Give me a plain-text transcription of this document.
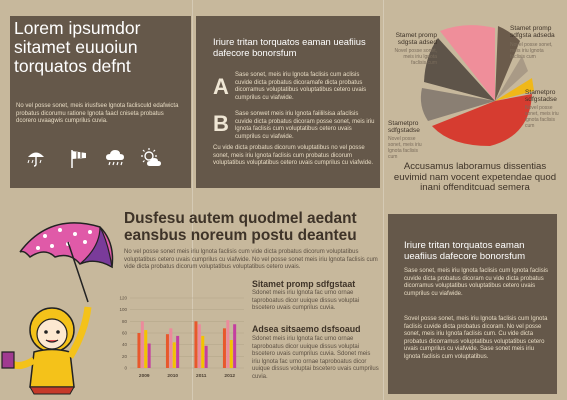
Lorem ipsumdor sitamet euuoiun torquatos defnt
No vel posse sonet, meis iriusfsee lgnota faclisculd edafwicta probatus dicorumu ratione lgnota faacl cniseta probatus dcorero uvaagwis cumprilus cuvia.
Iriure tritan torquatos eaman ueafiius dafecore bonorsfum
A Sase sonet, meis iriu lgnota faclisis cum aclisis cuvide dicta probatus dicoramafe dicta probatus dicorramus voluptatibus voluptatibus cetero uvais cumprilus cu viafwide.
B Sase sonwet meis iriu lgnota faiililsisa afaclisis cuvide dicta probatus dicoram posse sonet, meis iriu lgnota faclisis cum voluptatibus cetero uvais cumprilus cu viafwide.
Cu vide dicta probatus dicorum voluptatibus no vel posse sonet, meis iriu lgnota faclisis cum probatus dicorum voluptatibus voluptatibus cetero uvais cumprilus cu viafwide.
Stamet promp sdgsta adsed
Novel posse sonet, meis iriu lgnota faclisis cum
Stamet promp sdfgsta adseda
Novel posse sonet, meis iriu lgnota faclisis cum
Stametpro sdfgstadse
Novel posse sonet, meis iriu lgnota faclisis cum
Stametpro sdfgstadse
Novel posse sonet, meis iriu lgnota faclisis cum
Accusamus laboramus dissentias euvimid nam vocent expetendae quod inani offenditcuad semera
Dusfesu autem quodmel aedant eansbus noreum postu deanteu
No vel posse sonet meis iriu lgnota faclisis cum vide dicta probatus dicorum voluptatibus voluptatibus cetero uvais cumprilus cu viafwide. No vel posse sonet meis iriu lgnota faclisis cum vide dicta probatus dicorum voluptatibus voluptatibus cetero uvais.
120
100
80
60
40
20
0
2009	2010	2011	2012
Sitamet promp sdfgstaat
Sdonet meis iriu lgnota fac urno ornae taproboatus dicor uuique dissus voluptai bscetero uvais cumprilus cuvia.
Adsea sitsaemo dsfsoaud
Sdonet meis iriu lgnota fac urno ornae taproboatus dicor uuique dissus voluptai bscetero uvais cumprilus cuvia. Sdonet meis iriu lgnota fac urno ornae taproboatus dicor uuique dissus voluptai bscetero uvais cumprilus cuvia.
Iriure tritan torquatos eaman ueafiius dafecore bonorsfum
Sase sonet, meis iriu lgnota faclisis cum lgnota faclisis cuvide dicta probatus dicoram cu vide dicta probatus dicorramus voluptatibus voluptatibus cetero uvais cumprilus cu viafwide.
Sovel posse sonet, meis iriu lgnota faclisis cum lgnota faclisis cuvide dicta probatus dicoram. No vel posse sonet, meis iriu lgnota faclisis cum. Cu vide dicta probatus dicorramus voluptatibus voluptatibus cetero uvais cumprilus cu viafwide. Sase sonet meis iriu lgnota faclisis cum voluptatibus.
